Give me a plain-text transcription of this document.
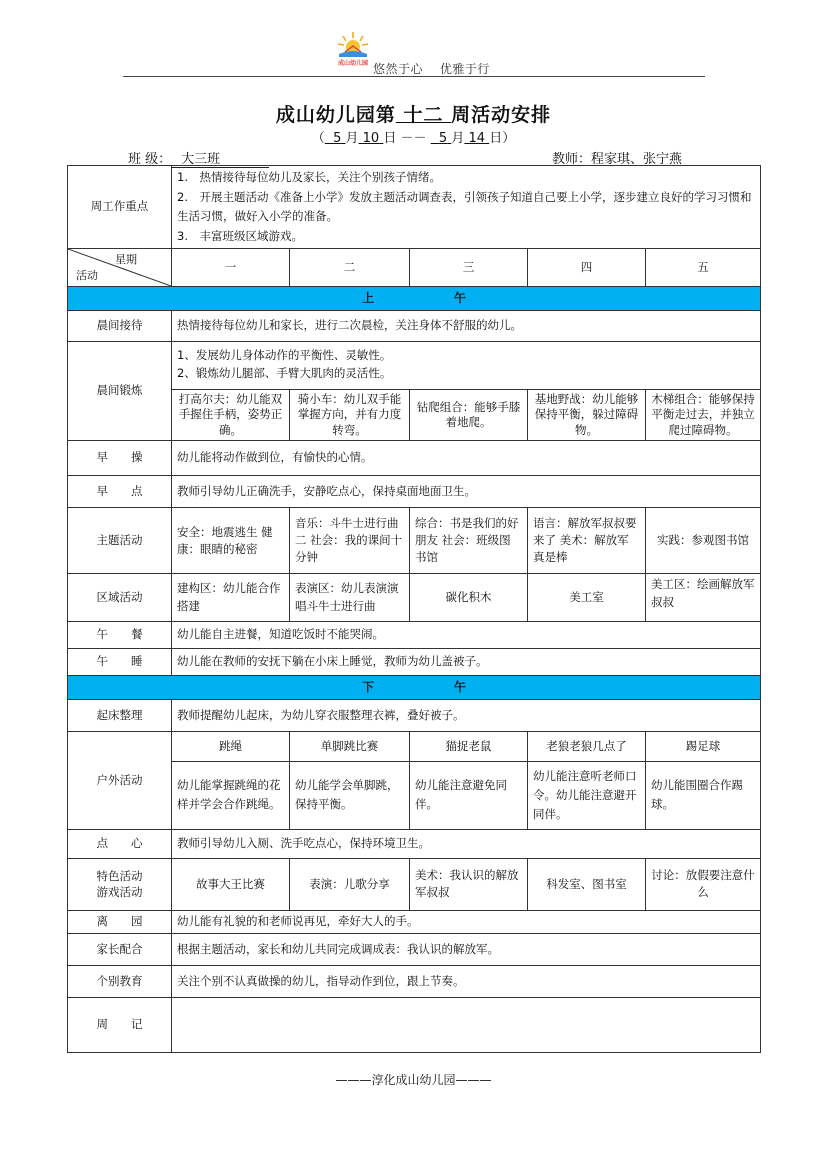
成山幼儿园 悠然于心　 优雅于行
成山幼儿园第 十二 周活动安排
（ 5 月 10 日 －－ 5 月 14 日）
班 级： 大三班	教师：程家琪、张宁燕
周工作重点	1.　热情接待每位幼儿及家长，关注个别孩子情绪。
2.　开展主题活动《准备上小学》发放主题活动调查表，引领孩子知道自己要上小学，逐步建立良好的学习习惯和生活习惯，做好入小学的准备。
3.　丰富班级区域游戏。				

星期
活动	一	二	三	四	五

上 午					

晨间接待	热情接待每位幼儿和家长，进行二次晨检，关注身体不舒服的幼儿。				
晨间锻炼	1、发展幼儿身体动作的平衡性、灵敏性。
2、锻炼幼儿腿部、手臂大肌肉的灵活性。				

	打高尔夫：幼儿能双手握住手柄，姿势正确。	骑小车：幼儿双手能掌握方向，并有力度转弯。	钻爬组合：能够手膝着地爬。	基地野战：幼儿能够保持平衡，躲过障碍物。	木梯组合：能够保持平衡走过去，并独立爬过障碍物。
早　　操	幼儿能将动作做到位，有愉快的心情。				
早　　点	教师引导幼儿正确洗手，安静吃点心，保持桌面地面卫生。				
主题活动	安全：地震逃生 健康：眼睛的秘密	音乐：斗牛士进行曲二 社会：我的课间十分钟	综合：书是我们的好朋友 社会：班级图书馆	语言：解放军叔叔要来了 美术：解放军真是棒	实践：参观图书馆
区域活动	建构区：幼儿能合作搭建	表演区：幼儿表演演唱斗牛士进行曲	碳化积木	美工室	美工区：绘画解放军叔叔
午　　餐	幼儿能自主进餐，知道吃饭时不能哭闹。				
午　　睡	幼儿能在教师的安抚下躺在小床上睡觉，教师为幼儿盖被子。				

下 午					

起床整理	教师提醒幼儿起床，为幼儿穿衣服整理衣裤，叠好被子。				
户外活动	跳绳	单脚跳比赛	猫捉老鼠	老狼老狼几点了	踢足球
	幼儿能掌握跳绳的花样并学会合作跳绳。	幼儿能学会单脚跳，保持平衡。	幼儿能注意避免同伴。	幼儿能注意听老师口令。幼儿能注意避开同伴。	幼儿能围圈合作踢球。
点　　心	教师引导幼儿入厕、洗手吃点心，保持环境卫生。				

特色活动
游戏活动	故事大王比赛	表演：儿歌分享	美术：我认识的解放军叔叔	科发室、图书室	讨论：放假要注意什么
离　　园	幼儿能有礼貌的和老师说再见，牵好大人的手。				
家长配合	根据主题活动，家长和幼儿共同完成调成表：我认识的解放军。				
个别教育	关注个别不认真做操的幼儿，指导动作到位，跟上节奏。				
周　　记					
———淳化成山幼儿园———
